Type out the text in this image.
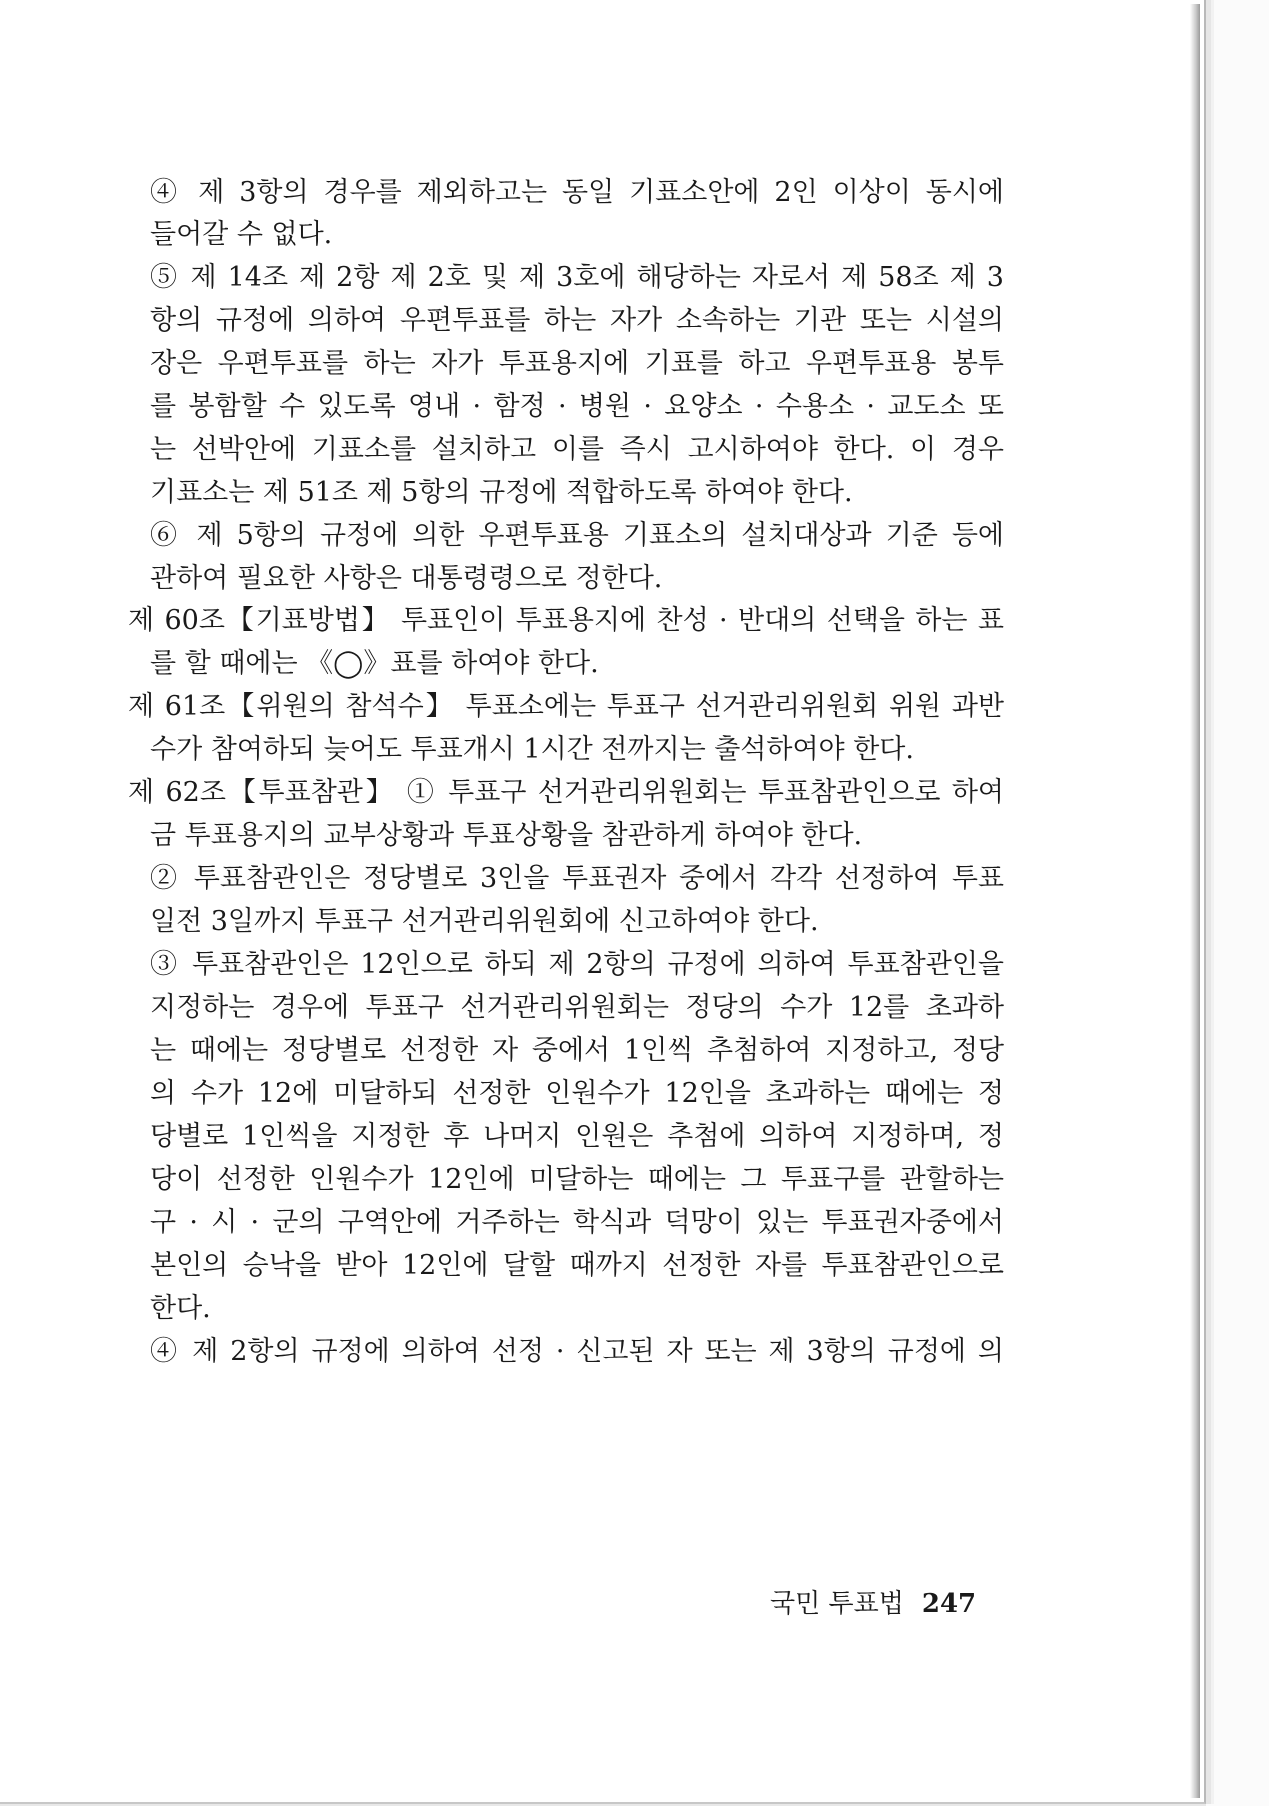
④ 제 3항의 경우를 제외하고는 동일 기표소안에 2인 이상이 동시에
들어갈 수 없다.
⑤ 제 14조 제 2항 제 2호 및 제 3호에 해당하는 자로서 제 58조 제 3
항의 규정에 의하여 우편투표를 하는 자가 소속하는 기관 또는 시설의
장은 우편투표를 하는 자가 투표용지에 기표를 하고 우편투표용 봉투
를 봉함할 수 있도록 영내 · 함정 · 병원 · 요양소 · 수용소 · 교도소 또
는 선박안에 기표소를 설치하고 이를 즉시 고시하여야 한다. 이 경우
기표소는 제 51조 제 5항의 규정에 적합하도록 하여야 한다.
⑥ 제 5항의 규정에 의한 우편투표용 기표소의 설치대상과 기준 등에
관하여 필요한 사항은 대통령령으로 정한다.
제 60조【기표방법】 투표인이 투표용지에 찬성 · 반대의 선택을 하는 표
를 할 때에는 《◯》표를 하여야 한다.
제 61조【위원의 참석수】 투표소에는 투표구 선거관리위원회 위원 과반
수가 참여하되 늦어도 투표개시 1시간 전까지는 출석하여야 한다.
제 62조【투표참관】 ① 투표구 선거관리위원회는 투표참관인으로 하여
금 투표용지의 교부상황과 투표상황을 참관하게 하여야 한다.
② 투표참관인은 정당별로 3인을 투표권자 중에서 각각 선정하여 투표
일전 3일까지 투표구 선거관리위원회에 신고하여야 한다.
③ 투표참관인은 12인으로 하되 제 2항의 규정에 의하여 투표참관인을
지정하는 경우에 투표구 선거관리위원회는 정당의 수가 12를 초과하
는 때에는 정당별로 선정한 자 중에서 1인씩 추첨하여 지정하고, 정당
의 수가 12에 미달하되 선정한 인원수가 12인을 초과하는 때에는 정
당별로 1인씩을 지정한 후 나머지 인원은 추첨에 의하여 지정하며, 정
당이 선정한 인원수가 12인에 미달하는 때에는 그 투표구를 관할하는
구 · 시 · 군의 구역안에 거주하는 학식과 덕망이 있는 투표권자중에서
본인의 승낙을 받아 12인에 달할 때까지 선정한 자를 투표참관인으로
한다.
④ 제 2항의 규정에 의하여 선정 · 신고된 자 또는 제 3항의 규정에 의
국민 투표법 247
